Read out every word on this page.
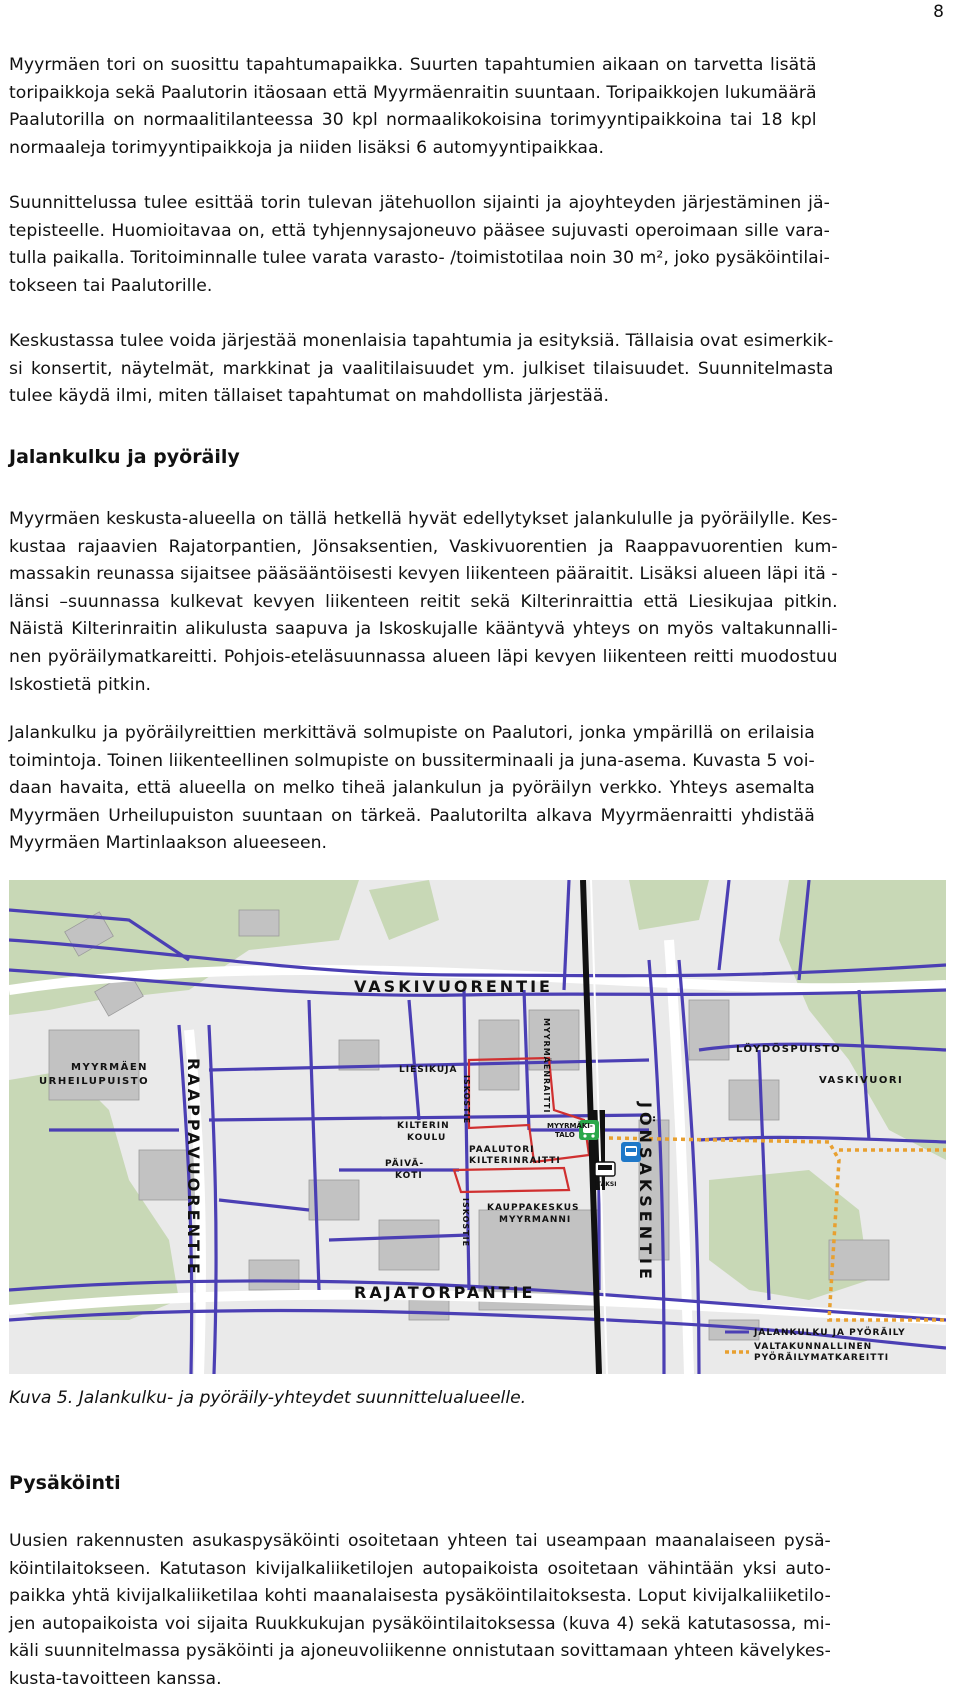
8
Myyrmäen tori on suosittu tapahtumapaikka. Suurten tapahtumien aikaan on tarvetta lisätä
toripaikkoja sekä Paalutorin itäosaan että Myyrmäenraitin suuntaan. Toripaikkojen lukumäärä
Paalutorilla on normaalitilanteessa 30 kpl normaalikokoisina torimyyntipaikkoina tai 18 kpl
normaaleja torimyyntipaikkoja ja niiden lisäksi 6 automyyntipaikkaa.
Suunnittelussa tulee esittää torin tulevan jätehuollon sijainti ja ajoyhteyden järjestäminen jä-
tepisteelle. Huomioitavaa on, että tyhjennysajoneuvo pääsee sujuvasti operoimaan sille vara-
tulla paikalla. Toritoiminnalle tulee varata varasto- /toimistotilaa noin 30 m², joko pysäköintilai-
tokseen tai Paalutorille.
Keskustassa tulee voida järjestää monenlaisia tapahtumia ja esityksiä. Tällaisia ovat esimerkik-
si konsertit, näytelmät, markkinat ja vaalitilaisuudet ym. julkiset tilaisuudet. Suunnitelmasta
tulee käydä ilmi, miten tällaiset tapahtumat on mahdollista järjestää.
Jalankulku ja pyöräily
Myyrmäen keskusta-alueella on tällä hetkellä hyvät edellytykset jalankululle ja pyöräilylle. Kes-
kustaa rajaavien Rajatorpantien, Jönsaksentien, Vaskivuorentien ja Raappavuorentien kum-
massakin reunassa sijaitsee pääsääntöisesti kevyen liikenteen pääraitit. Lisäksi alueen läpi itä -
länsi –suunnassa kulkevat kevyen liikenteen reitit sekä Kilterinraittia että Liesikujaa pitkin.
Näistä Kilterinraitin alikulusta saapuva ja Iskoskujalle kääntyvä yhteys on myös valtakunnalli-
nen pyöräilymatkareitti. Pohjois-eteläsuunnassa alueen läpi kevyen liikenteen reitti muodostuu
Iskostietä pitkin.
Jalankulku ja pyöräilyreittien merkittävä solmupiste on Paalutori, jonka ympärillä on erilaisia
toimintoja. Toinen liikenteellinen solmupiste on bussiterminaali ja juna-asema. Kuvasta 5 voi-
daan havaita, että alueella on melko tiheä jalankulun ja pyöräilyn verkko. Yhteys asemalta
Myyrmäen Urheilupuiston suuntaan on tärkeä. Paalutorilta alkava Myyrmäenraitti yhdistää
Myyrmäen Martinlaakson alueeseen.
VASKIVUORENTIE
RAJATORPANTIE
RAAPPAVUORENTIE	JÖNSAKSENTIE
MYYRMÄEN
URHEILUPUISTO
LÖYDÖSPUISTO
VASKIVUORI
LIESIKUJA
ISKOSTIE
ISKOSTIE
MYYRMÄENRAITTI
KILTERIN
KOULU
PÄIVÄ-
KOTI
PAALUTORI
KILTERINRAITTI
MYYRMÄKI-
TALO
KAUPPAKESKUS
MYYRMANNI
TAKSI
JALANKULKU JA PYÖRÄILY
VALTAKUNNALLINEN
PYÖRÄILYMATKAREITTI

Kuva 5. Jalankulku- ja pyöräily-yhteydet suunnittelualueelle.

Pysäköinti
Uusien rakennusten asukaspysäköinti osoitetaan yhteen tai useampaan maanalaiseen pysä-
köintilaitokseen. Katutason kivijalkaliiketilojen autopaikoista osoitetaan vähintään yksi auto-
paikka yhtä kivijalkaliiketilaa kohti maanalaisesta pysäköintilaitoksesta. Loput kivijalkaliiketilo-
jen autopaikoista voi sijaita Ruukkukujan pysäköintilaitoksessa (kuva 4) sekä katutasossa, mi-
käli suunnitelmassa pysäköinti ja ajoneuvoliikenne onnistutaan sovittamaan yhteen kävelykes-
kusta-tavoitteen kanssa.
